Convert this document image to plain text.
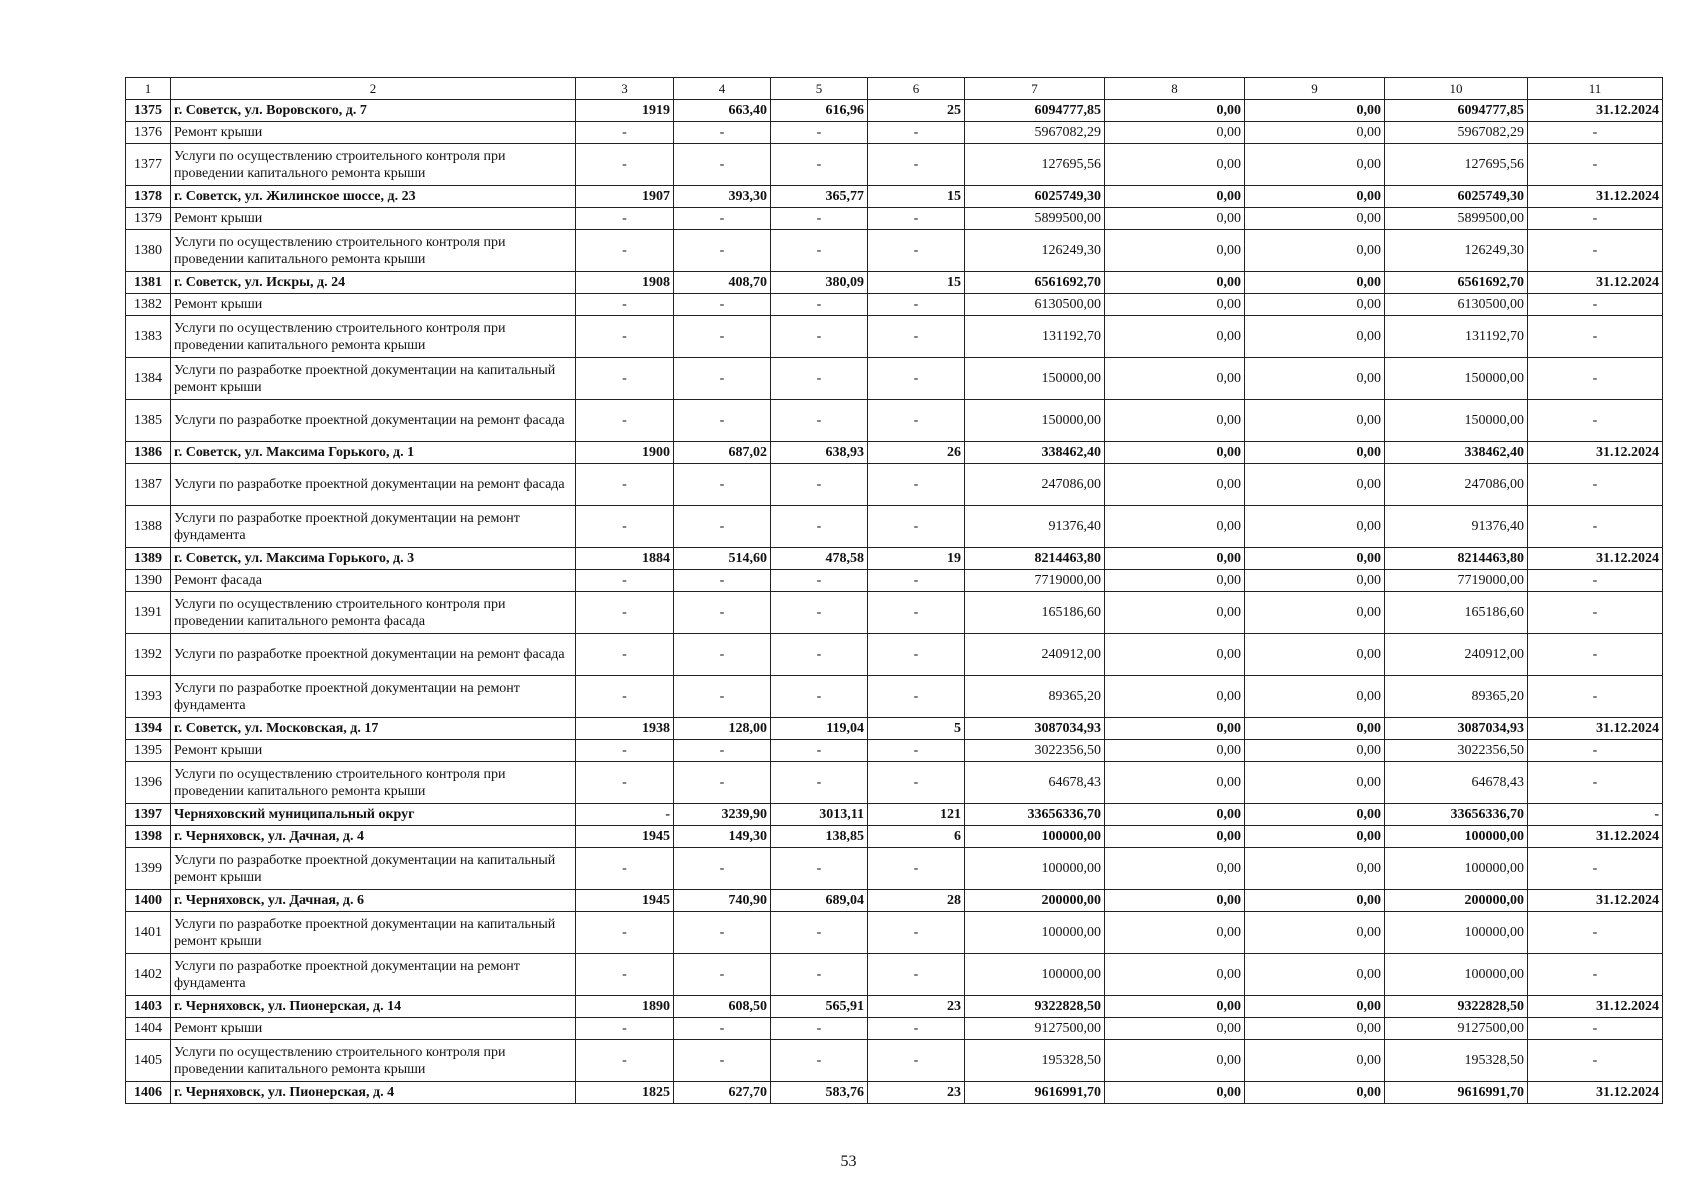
1	2	3	4	5	6	7	8	9	10	11
1375	г. Советск, ул. Воровского, д. 7	1919	663,40	616,96	25	6094777,85	0,00	0,00	6094777,85	31.12.2024
1376	Ремонт крыши	-	-	-	-	5967082,29	0,00	0,00	5967082,29	-
1377	Услуги по осуществлению строительного контроля при проведении капитального ремонта крыши	-	-	-	-	127695,56	0,00	0,00	127695,56	-
1378	г. Советск, ул. Жилинское шоссе, д. 23	1907	393,30	365,77	15	6025749,30	0,00	0,00	6025749,30	31.12.2024
1379	Ремонт крыши	-	-	-	-	5899500,00	0,00	0,00	5899500,00	-
1380	Услуги по осуществлению строительного контроля при проведении капитального ремонта крыши	-	-	-	-	126249,30	0,00	0,00	126249,30	-
1381	г. Советск, ул. Искры, д. 24	1908	408,70	380,09	15	6561692,70	0,00	0,00	6561692,70	31.12.2024
1382	Ремонт крыши	-	-	-	-	6130500,00	0,00	0,00	6130500,00	-
1383	Услуги по осуществлению строительного контроля при проведении капитального ремонта крыши	-	-	-	-	131192,70	0,00	0,00	131192,70	-
1384	Услуги по разработке проектной документации на капитальный ремонт крыши	-	-	-	-	150000,00	0,00	0,00	150000,00	-
1385	Услуги по разработке проектной документации на ремонт фасада	-	-	-	-	150000,00	0,00	0,00	150000,00	-
1386	г. Советск, ул. Максима Горького, д. 1	1900	687,02	638,93	26	338462,40	0,00	0,00	338462,40	31.12.2024
1387	Услуги по разработке проектной документации на ремонт фасада	-	-	-	-	247086,00	0,00	0,00	247086,00	-
1388	Услуги по разработке проектной документации на ремонт фундамента	-	-	-	-	91376,40	0,00	0,00	91376,40	-
1389	г. Советск, ул. Максима Горького, д. 3	1884	514,60	478,58	19	8214463,80	0,00	0,00	8214463,80	31.12.2024
1390	Ремонт фасада	-	-	-	-	7719000,00	0,00	0,00	7719000,00	-
1391	Услуги по осуществлению строительного контроля при проведении капитального ремонта фасада	-	-	-	-	165186,60	0,00	0,00	165186,60	-
1392	Услуги по разработке проектной документации на ремонт фасада	-	-	-	-	240912,00	0,00	0,00	240912,00	-
1393	Услуги по разработке проектной документации на ремонт фундамента	-	-	-	-	89365,20	0,00	0,00	89365,20	-
1394	г. Советск, ул. Московская, д. 17	1938	128,00	119,04	5	3087034,93	0,00	0,00	3087034,93	31.12.2024
1395	Ремонт крыши	-	-	-	-	3022356,50	0,00	0,00	3022356,50	-
1396	Услуги по осуществлению строительного контроля при проведении капитального ремонта крыши	-	-	-	-	64678,43	0,00	0,00	64678,43	-
1397	Черняховский муниципальный округ	-	3239,90	3013,11	121	33656336,70	0,00	0,00	33656336,70	-
1398	г. Черняховск, ул. Дачная, д. 4	1945	149,30	138,85	6	100000,00	0,00	0,00	100000,00	31.12.2024
1399	Услуги по разработке проектной документации на капитальный ремонт крыши	-	-	-	-	100000,00	0,00	0,00	100000,00	-
1400	г. Черняховск, ул. Дачная, д. 6	1945	740,90	689,04	28	200000,00	0,00	0,00	200000,00	31.12.2024
1401	Услуги по разработке проектной документации на капитальный ремонт крыши	-	-	-	-	100000,00	0,00	0,00	100000,00	-
1402	Услуги по разработке проектной документации на ремонт фундамента	-	-	-	-	100000,00	0,00	0,00	100000,00	-
1403	г. Черняховск, ул. Пионерская, д. 14	1890	608,50	565,91	23	9322828,50	0,00	0,00	9322828,50	31.12.2024
1404	Ремонт крыши	-	-	-	-	9127500,00	0,00	0,00	9127500,00	-
1405	Услуги по осуществлению строительного контроля при проведении капитального ремонта крыши	-	-	-	-	195328,50	0,00	0,00	195328,50	-
1406	г. Черняховск, ул. Пионерская, д. 4	1825	627,70	583,76	23	9616991,70	0,00	0,00	9616991,70	31.12.2024
53
